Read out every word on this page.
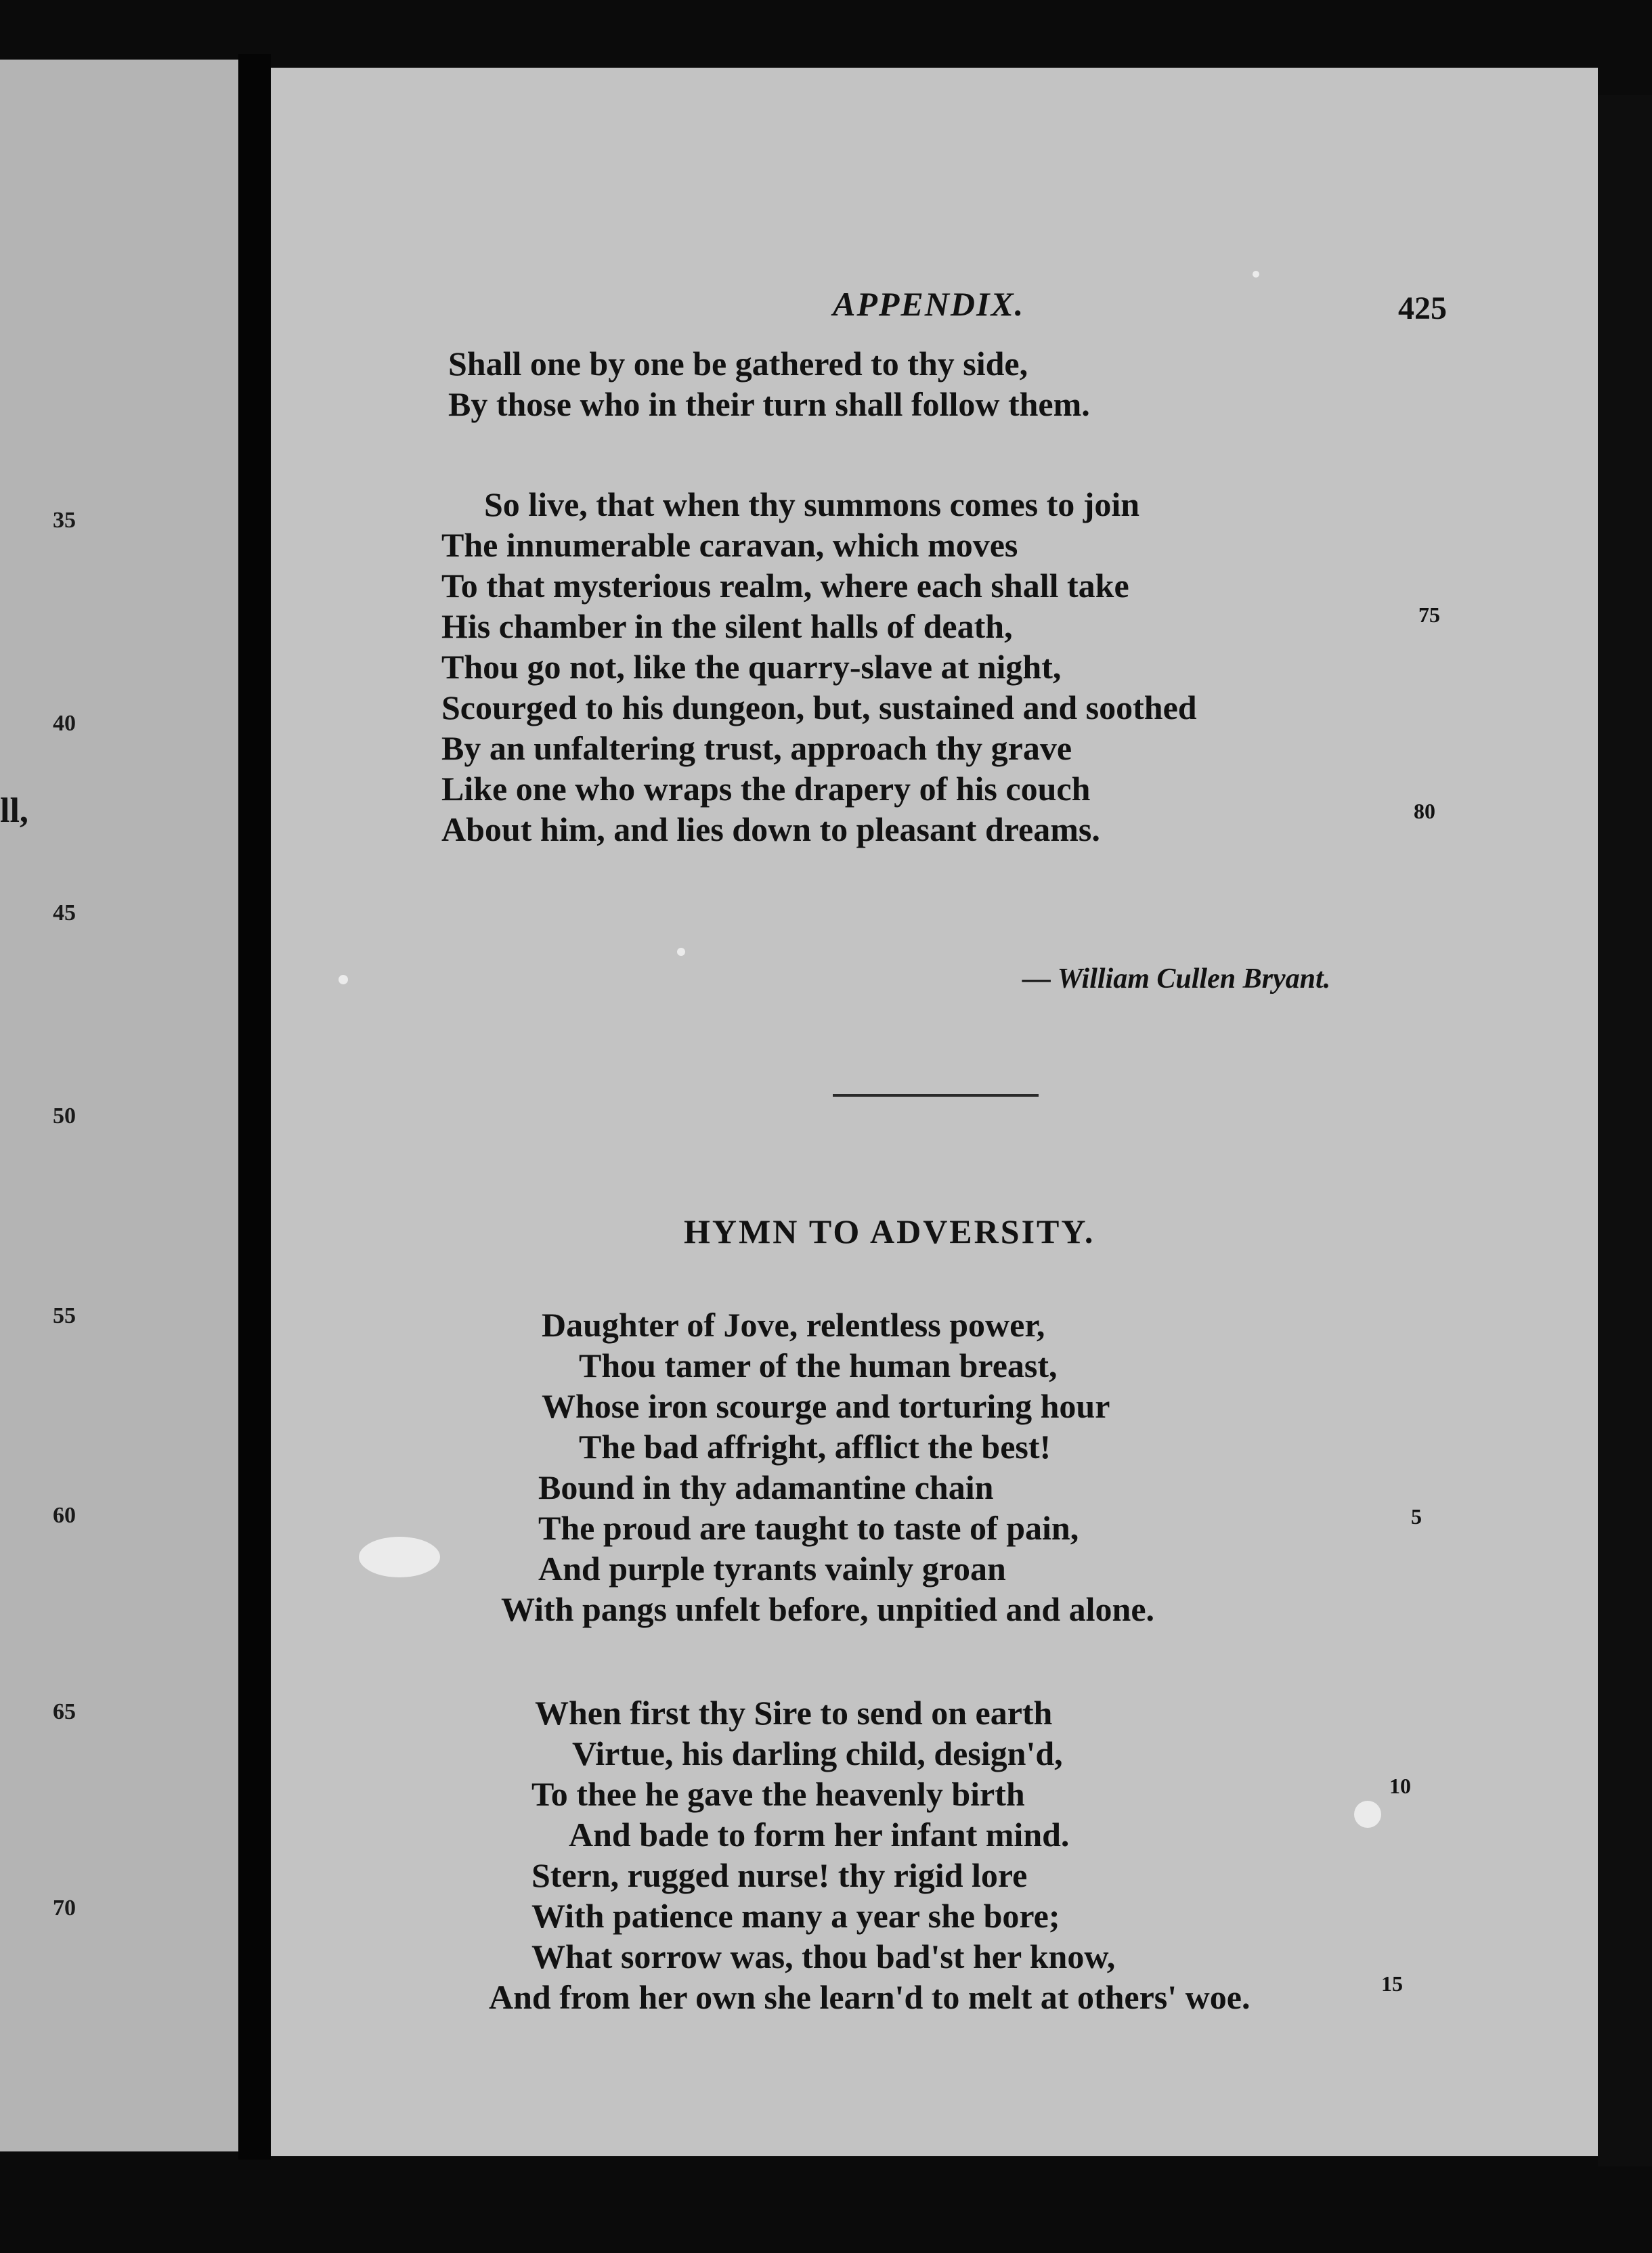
35
40
ll,
45
50
55
60
65
70
APPENDIX.	425
Shall one by one be gathered to thy side,
By those who in their turn shall follow them.
So live, that when thy summons comes to join
The innumerable caravan, which moves
To that mysterious realm, where each shall take
His chamber in the silent halls of death,
Thou go not, like the quarry-slave at night,
Scourged to his dungeon, but, sustained and soothed
By an unfaltering trust, approach thy grave
Like one who wraps the drapery of his couch
About him, and lies down to pleasant dreams.
75
80
— William Cullen Bryant.
HYMN TO ADVERSITY.
Daughter of Jove, relentless power,
Thou tamer of the human breast,
Whose iron scourge and torturing hour
The bad affright, afflict the best!
Bound in thy adamantine chain
The proud are taught to taste of pain,
And purple tyrants vainly groan
With pangs unfelt before, unpitied and alone.
When first thy Sire to send on earth
Virtue, his darling child, design'd,
To thee he gave the heavenly birth
And bade to form her infant mind.
Stern, rugged nurse! thy rigid lore
With patience many a year she bore;
What sorrow was, thou bad'st her know,
And from her own she learn'd to melt at others' woe.
5
10
15
